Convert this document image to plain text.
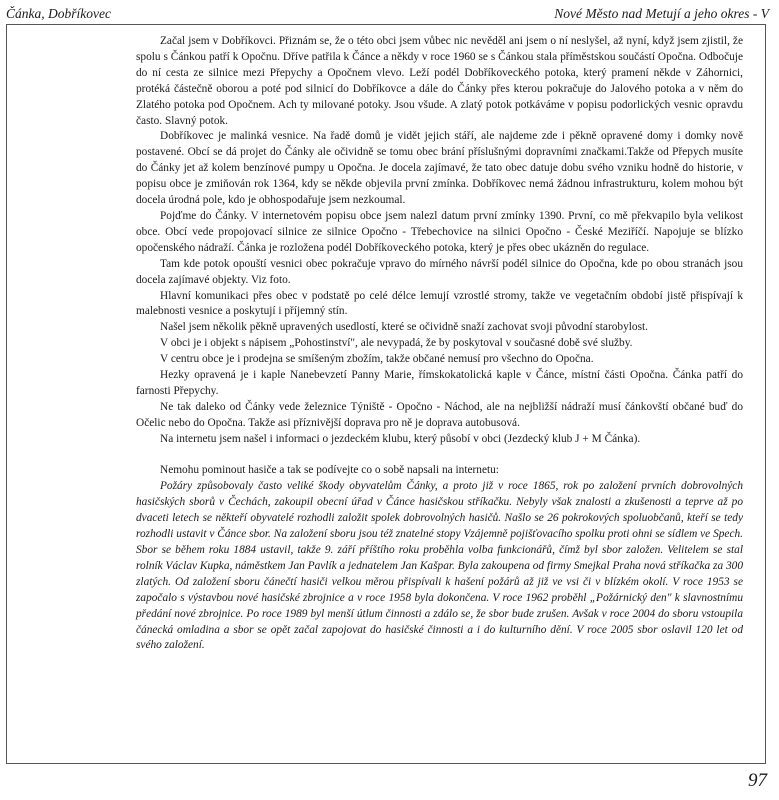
Čánka, Dobříkovec	Nové Město nad Metují a jeho okres - V

Začal jsem v Dobříkovci. Přiznám se, že o této obci jsem vůbec nic nevěděl ani jsem o ní neslyšel, až nyní, když jsem zjistil, že spolu s Čánkou patří k Opočnu. Dříve patřila k Čánce a někdy v roce 1960 se s Čánkou stala příměstskou součástí Opočna. Odbočuje do ní cesta ze silnice mezi Přepychy a Opočnem vlevo. Leží podél Dobříkoveckého potoka, který pramení někde v Záhornici, protéká částečně oborou a poté pod silnicí do Dobříkovce a dále do Čánky přes kterou pokračuje do Jalového potoka a v něm do Zlatého potoka pod Opočnem. Ach ty milované potoky. Jsou všude. A zlatý potok potkáváme v popisu podorlických vesnic opravdu často. Slavný potok.

Dobříkovec je malinká vesnice. Na řadě domů je vidět jejich stáří, ale najdeme zde i pěkně opravené domy i domky nově postavené. Obcí se dá projet do Čánky ale očividně se tomu obec brání příslušnými dopravními značkami.Takže od Přepych musíte do Čánky jet až kolem benzínové pumpy u Opočna. Je docela zajímavé, že tato obec datuje dobu svého vzniku hodně do historie, v popisu obce je zmiňován rok 1364, kdy se někde objevila první zmínka. Dobříkovec nemá žádnou infrastrukturu, kolem mohou být docela úrodná pole, kdo je obhospodařuje jsem nezkoumal.

Pojďme do Čánky. V internetovém popisu obce jsem nalezl datum první zmínky 1390. První, co mě překvapilo byla velikost obce. Obcí vede propojovací silnice ze silnice Opočno - Třebechovice na silnici Opočno - České Meziříčí. Napojuje se blízko opočenského nádraží. Čánka je rozložena podél Dobříkoveckého potoka, který je přes obec ukázněn do regulace.

Tam kde potok opouští vesnici obec pokračuje vpravo do mírného návrší podél silnice do Opočna, kde po obou stranách jsou docela zajímavé objekty. Viz foto.

Hlavní komunikaci přes obec v podstatě po celé délce lemují vzrostlé stromy, takže ve vegetačním období jistě přispívají k malebnosti vesnice a poskytují i příjemný stín.

Našel jsem několik pěkně upravených usedlostí, které se očividně snaží zachovat svoji původní starobylost.

V obci je i objekt s nápisem „Pohostinství", ale nevypadá, že by poskytoval v současné době své služby.

V centru obce je i prodejna se smíšeným zbožím, takže občané nemusí pro všechno do Opočna.

Hezky opravená je i kaple Nanebevzetí Panny Marie, římskokatolická kaple v Čánce, místní části Opočna. Čánka patří do farnosti Přepychy.

Ne tak daleko od Čánky vede železnice Týniště - Opočno - Náchod, ale na nejbližší nádraží musí čánkovští občané buď do Očelic nebo do Opočna. Takže asi příznivější doprava pro ně je doprava autobusová.

Na internetu jsem našel i informaci o jezdeckém klubu, který působí v obci (Jezdecký klub J + M Čánka).

Nemohu pominout hasiče a tak se podívejte co o sobě napsali na internetu:

Požáry způsobovaly často veliké škody obyvatelům Čánky, a proto již v roce 1865, rok po založení prvních dobrovolných hasičských sborů v Čechách, zakoupil obecní úřad v Čánce hasičskou stříkačku. Nebyly však znalosti a zkušenosti a teprve až po dvaceti letech se někteří obyvatelé rozhodli založit spolek dobrovolných hasičů. Našlo se 26 pokrokových spoluobčanů, kteří se tedy rozhodli ustavit v Čánce sbor. Na založení sboru jsou též znatelné stopy Vzájemně pojišťovacího spolku proti ohni se sídlem ve Spech. Sbor se během roku 1884 ustavil, takže 9. září příštího roku proběhla volba funkcionářů, čímž byl sbor založen. Velitelem se stal rolník Václav Kupka, náměstkem Jan Pavlík a jednatelem Jan Kašpar. Byla zakoupena od firmy Smejkal Praha nová stříkačka za 300 zlatých. Od založení sboru čánečtí hasiči velkou měrou přispívali k hašení požárů až již ve vsi či v blízkém okolí. V roce 1953 se započalo s výstavbou nové hasičské zbrojnice a v roce 1958 byla dokončena. V roce 1962 proběhl „Požárnický den" k slavnostnímu předání nové zbrojnice. Po roce 1989 byl menší útlum činnosti a zdálo se, že sbor bude zrušen. Avšak v roce 2004 do sboru vstoupila čánecká omladina a sbor se opět začal zapojovat do hasičské činnosti a i do kulturního dění. V roce 2005 sbor oslavil 120 let od svého založení.

97
